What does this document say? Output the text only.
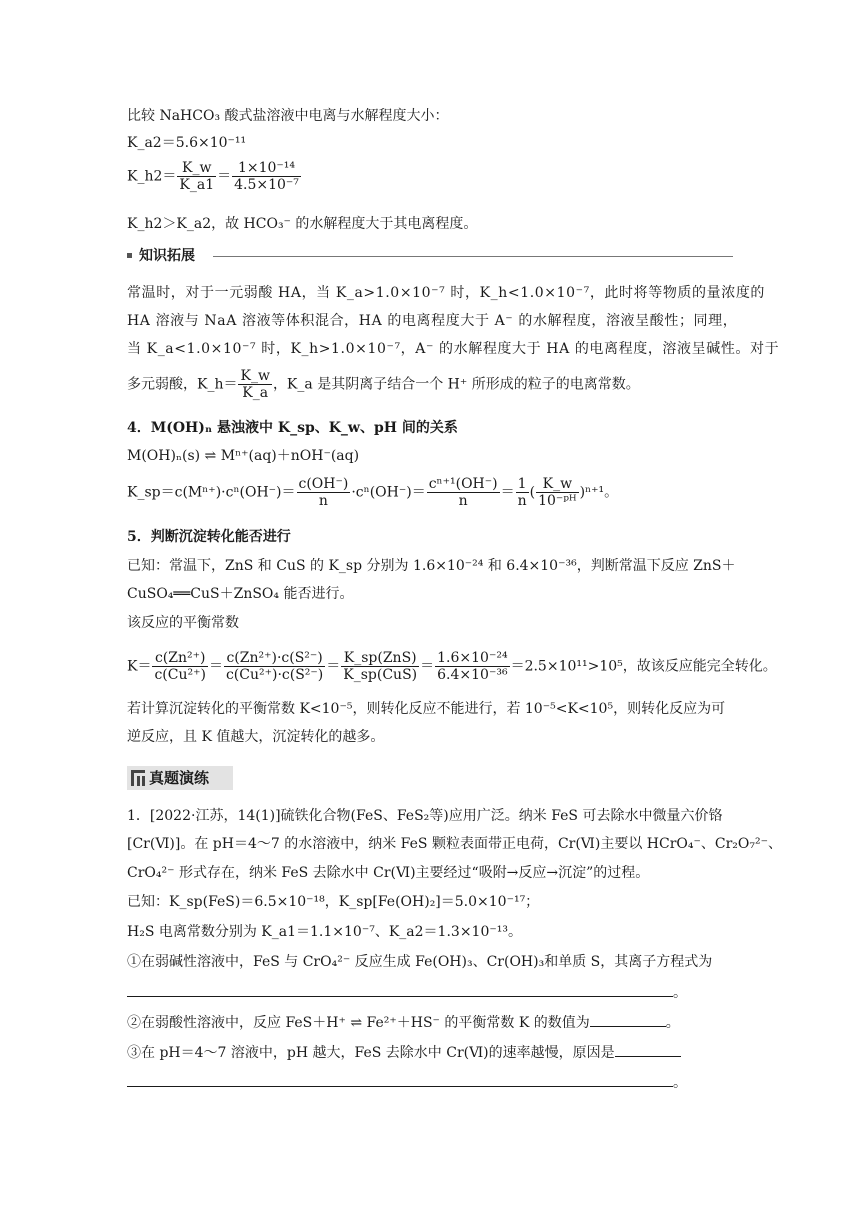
比较 NaHCO₃ 酸式盐溶液中电离与水解程度大小：
K_a2＝5.6×10⁻¹¹
K_h2＝ $\frac{K\_w}{K\_a1} = \frac{\text{1×10⁻¹⁴}}{\text{4.5×10⁻⁷}}$
K_h2＞K_a2，故 HCO₃⁻ 的水解程度大于其电离程度。
知识拓展
常温时，对于一元弱酸 HA，当 K_a>1.0×10⁻⁷ 时，K_h<1.0×10⁻⁷，此时将等物质的量浓度的
HA 溶液与 NaA 溶液等体积混合，HA 的电离程度大于 A⁻ 的水解程度，溶液呈酸性；同理，
当 K_a<1.0×10⁻⁷ 时，K_h>1.0×10⁻⁷，A⁻ 的水解程度大于 HA 的电离程度，溶液呈碱性。对于
多元弱酸，K_h＝ $\frac{K\_w}{K\_a}$ ，K_a 是其阴离子结合一个 H⁺ 所形成的粒子的电离常数。
4．M(OH)ₙ 悬浊液中 K_sp、K_w、pH 间的关系
M(OH)ₙ(s) ⇌ Mⁿ⁺(aq)＋nOH⁻(aq)
K_sp＝c(Mⁿ⁺)·cⁿ(OH⁻)＝ $\frac{c(OH^-)}{n} \cdot c^n(OH^-)= \frac{\text{cⁿ⁺¹(OH⁻)}}{n} = \frac{1}{n}$ ( $\frac{K\_w}{\text{10⁻ᵖᴴ}} )^{n+1}$。
5．判断沉淀转化能否进行
已知：常温下，ZnS 和 CuS 的 K_sp 分别为 1.6×10⁻²⁴ 和 6.4×10⁻³⁶，判断常温下反应 ZnS＋
CuSO₄══CuS＋ZnSO₄ 能否进行。
该反应的平衡常数
$K= \frac{\text{c(Zn²⁺)}}{\text{c(Cu²⁺)}} = \frac{\text{c(Zn²⁺)·c(S²⁻)}}{\text{c(Cu²⁺)·c(S²⁻)}} = \frac{\text{K\_sp(ZnS)}}{\text{K\_sp(CuS)}} = \frac{\text{1.6×10⁻²⁴}}{\text{6.4×10⁻³⁶}} =2.5\times 10^{11}>10^5$，故该反应能完全转化。
若计算沉淀转化的平衡常数 K<10⁻⁵，则转化反应不能进行，若 10⁻⁵<K<10⁵，则转化反应为可
逆反应，且 K 值越大，沉淀转化的越多。
真题演练
1．[2022·江苏，14(1)]硫铁化合物(FeS、FeS₂等)应用广泛。纳米 FeS 可去除水中微量六价铬
[Cr(Ⅵ)]。在 pH＝4～7 的水溶液中，纳米 FeS 颗粒表面带正电荷，Cr(Ⅵ)主要以 HCrO₄⁻、Cr₂O₇²⁻、
CrO₄²⁻ 形式存在，纳米 FeS 去除水中 Cr(Ⅵ)主要经过“吸附→反应→沉淀”的过程。
已知：K_sp(FeS)＝6.5×10⁻¹⁸，K_sp[Fe(OH)₂]＝5.0×10⁻¹⁷；
H₂S 电离常数分别为 K_a1＝1.1×10⁻⁷、K_a2＝1.3×10⁻¹³。
①在弱碱性溶液中，FeS 与 CrO₄²⁻ 反应生成 Fe(OH)₃、Cr(OH)₃和单质 S，其离子方程式为
。
②在弱酸性溶液中，反应 FeS＋H⁺ ⇌ Fe²⁺＋HS⁻ 的平衡常数 K 的数值为	。
③在 pH＝4～7 溶液中，pH 越大，FeS 去除水中 Cr(Ⅵ)的速率越慢，原因是
。
